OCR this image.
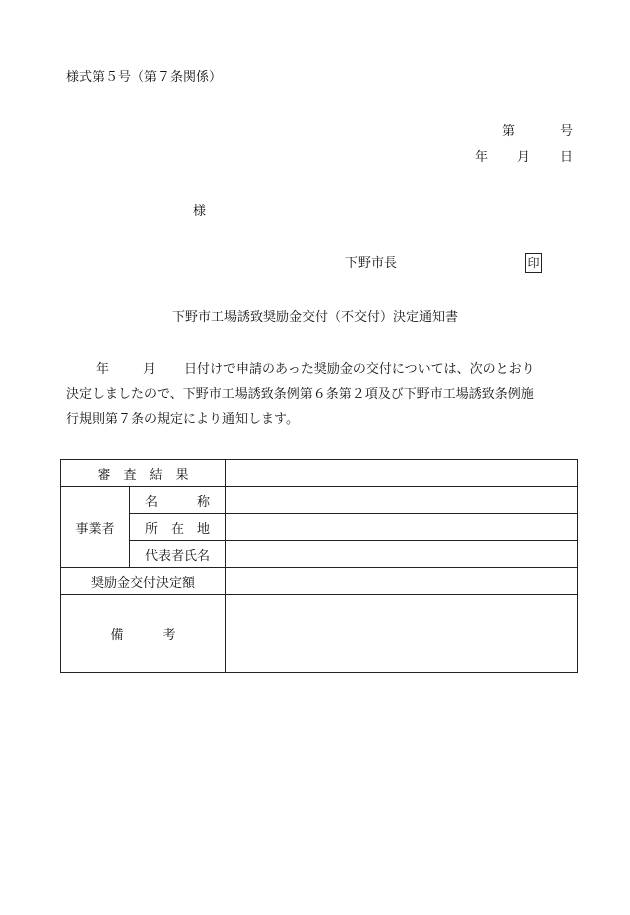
様式第５号（第７条関係）
第	号
年 月 日
様
下野市長	印
下野市工場誘致奨励金交付（不交付）決定通知書
年	月 日付けで申請のあった奨励金の交付については、次のとおり
決定しましたので、下野市工場誘致条例第６条第２項及び下野市工場誘致条例施
行規則第７条の規定により通知します。
審　査　結　果		
事業者	名　　　称	
	所　在　地	
	代表者氏名	
奨励金交付決定額		
備　　　考		
